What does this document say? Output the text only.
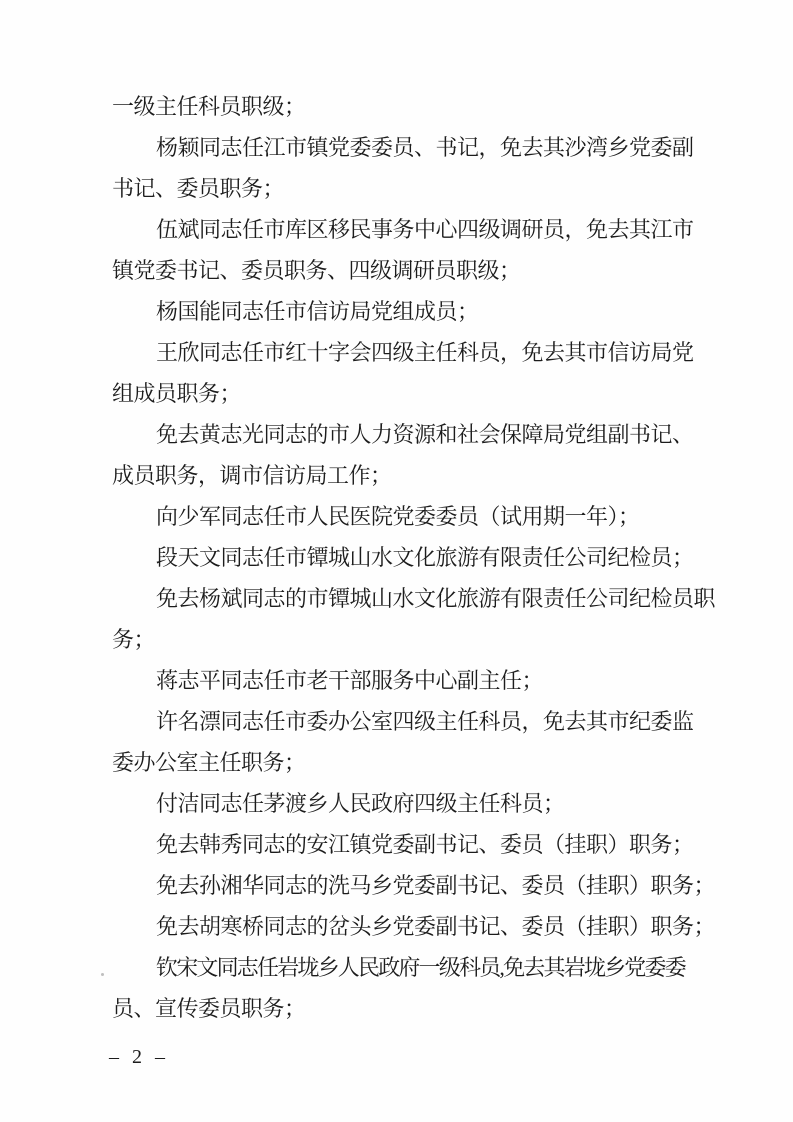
一级主任科员职级；
杨颖同志任江市镇党委委员、书记，免去其沙湾乡党委副
书记、委员职务；
伍斌同志任市库区移民事务中心四级调研员，免去其江市
镇党委书记、委员职务、四级调研员职级；
杨国能同志任市信访局党组成员；
王欣同志任市红十字会四级主任科员，免去其市信访局党
组成员职务；
免去黄志光同志的市人力资源和社会保障局党组副书记、
成员职务，调市信访局工作；
向少军同志任市人民医院党委委员（试用期一年）；
段天文同志任市镡城山水文化旅游有限责任公司纪检员；
免去杨斌同志的市镡城山水文化旅游有限责任公司纪检员职
务；
蒋志平同志任市老干部服务中心副主任；
许名漂同志任市委办公室四级主任科员，免去其市纪委监
委办公室主任职务；
付洁同志任茅渡乡人民政府四级主任科员；
免去韩秀同志的安江镇党委副书记、委员（挂职）职务；
免去孙湘华同志的洗马乡党委副书记、委员（挂职）职务；
免去胡寒桥同志的岔头乡党委副书记、委员（挂职）职务；
钦宋文同志任岩垅乡人民政府一级科员,免去其岩垅乡党委委
员、宣传委员职务；
– 2 –
